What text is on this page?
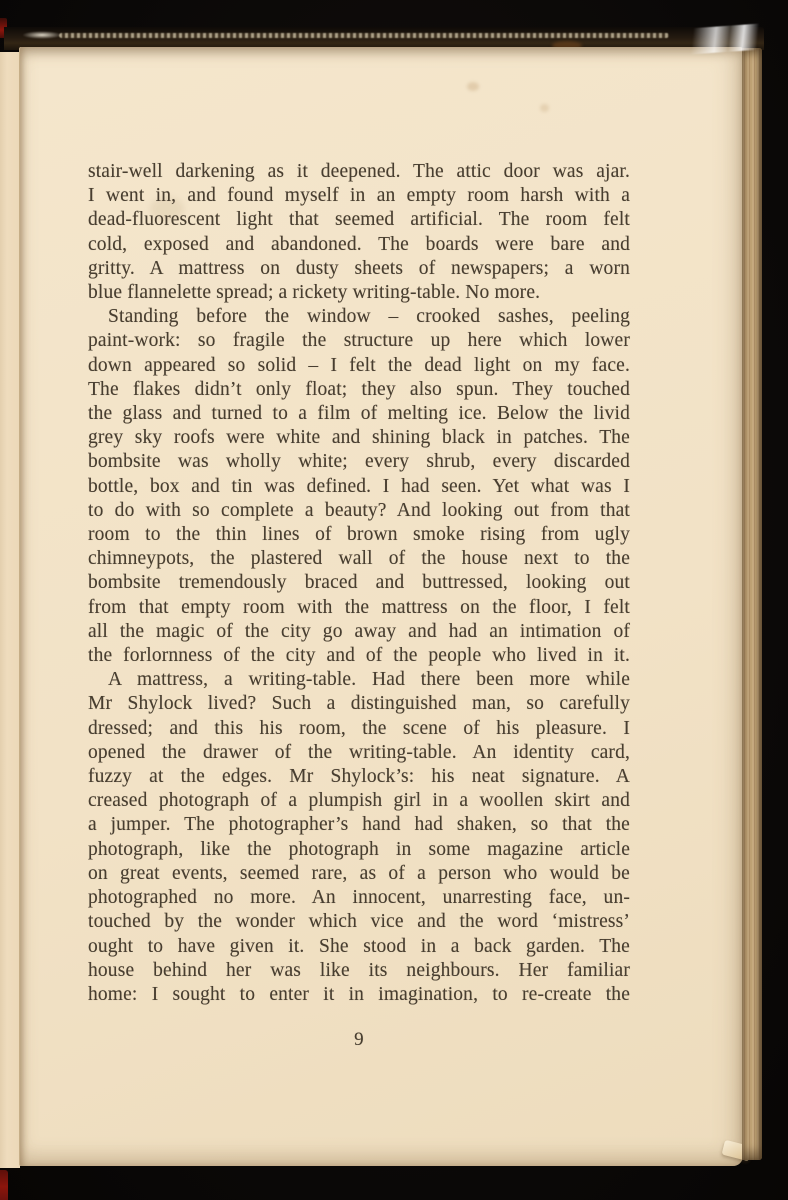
stair-well darkening as it deepened. The attic door was ajar.
I went in, and found myself in an empty room harsh with a
dead-fluorescent light that seemed artificial. The room felt
cold, exposed and abandoned. The boards were bare and
gritty. A mattress on dusty sheets of newspapers; a worn
blue flannelette spread; a rickety writing-table. No more.
Standing before the window – crooked sashes, peeling
paint-work: so fragile the structure up here which lower
down appeared so solid – I felt the dead light on my face.
The flakes didn’t only float; they also spun. They touched
the glass and turned to a film of melting ice. Below the livid
grey sky roofs were white and shining black in patches. The
bombsite was wholly white; every shrub, every discarded
bottle, box and tin was defined. I had seen. Yet what was I
to do with so complete a beauty? And looking out from that
room to the thin lines of brown smoke rising from ugly
chimneypots, the plastered wall of the house next to the
bombsite tremendously braced and buttressed, looking out
from that empty room with the mattress on the floor, I felt
all the magic of the city go away and had an intimation of
the forlornness of the city and of the people who lived in it.
A mattress, a writing-table. Had there been more while
Mr Shylock lived? Such a distinguished man, so carefully
dressed; and this his room, the scene of his pleasure. I
opened the drawer of the writing-table. An identity card,
fuzzy at the edges. Mr Shylock’s: his neat signature. A
creased photograph of a plumpish girl in a woollen skirt and
a jumper. The photographer’s hand had shaken, so that the
photograph, like the photograph in some magazine article
on great events, seemed rare, as of a person who would be
photographed no more. An innocent, unarresting face, un-
touched by the wonder which vice and the word ‘mistress’
ought to have given it. She stood in a back garden. The
house behind her was like its neighbours. Her familiar
home: I sought to enter it in imagination, to re-create the
9
